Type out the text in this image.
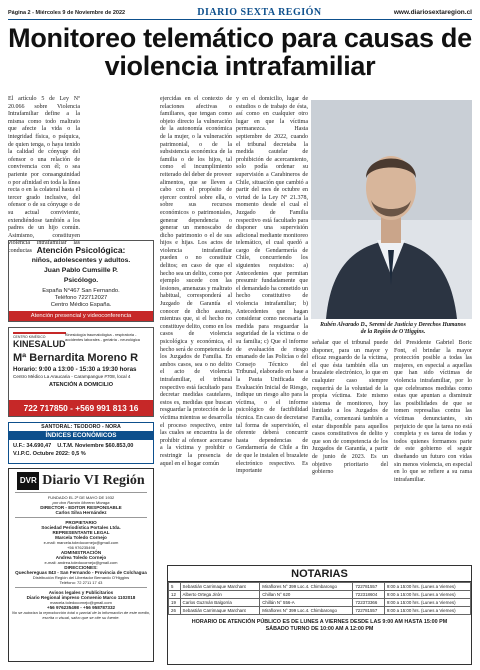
Página 2 - Miércoles 9 de Noviembre de 2022	DIARIO SEXTA REGIÓN	www.diariosextaregion.cl
Monitoreo telemático para causas de violencia intrafamiliar
El artículo 5 de Ley Nº 20.066 sobre Violencia Intrafamiliar define a la misma como todo maltrato que afecte la vida o la integridad física, o psíquica, de quien tenga, o haya tenido la calidad de cónyuge del ofensor o una relación de convivencia con él; o sea pariente por consanguinidad o por afinidad en toda la línea recta o en la colateral hasta el tercer grado inclusive, del ofensor o de su cónyuge o de su actual conviviente, extendiéndose también a los padres de un hijo común. Asimismo, constituyen violencia intrafamiliar las conductas
ejercidas en el contexto de relaciones afectivas o familiares, que tengan como objeto directo la vulneración de la autonomía económica de la mujer, o la vulneración patrimonial, o de la subsistencia económica de la familia o de los hijos, tal como el incumplimiento reiterado del deber de proveer alimentos, que se lleven a cabo con el propósito de ejercer control sobre ella, o sobre sus recursos económicos o patrimoniales, generar dependencia o generar un menoscabo de dicho patrimonio o el de sus hijos e hijas. Los actos de violencia intrafamiliar pueden o no constituir delitos; en caso de que el hecho sea un delito, como por ejemplo sucede con las lesiones, amenazas y maltrato habitual, corresponderá al Juzgado de Garantía el conocer de dicho asunto, mientras que, si el hecho no constituye delito, como en los casos de violencia psicológica y económica, el hecho será de competencia de los Juzgados de Familia. En ambos casos, sea o no delito el acto de violencia intrafamiliar, el tribunal respectivo está facultado para decretar medidas cautelares, estos es, medidas que buscan resguardar la protección de la víctima mientras se desarrolla el proceso respectivo, entre las cuales se encuentra la de prohibir al ofensor acercarse a la víctima y prohibir o restringir la presencia de aquel en el hogar común
y en el domicilio, lugar de estudios o de trabajo de ésta, así como en cualquier otro lugar en que la víctima permanezca. Hasta septiembre de 2022, cuando el tribunal decretaba la medida cautelar de prohibición de acercamiento, solo podía ordenar su supervisión a Carabineros de Chile, situación que cambió a partir del mes de octubre en virtud de la Ley Nº 21.378, momento desde el cual el Juzgado de Familia respectivo está facultado para disponer una supervisión adicional mediante monitoreo telemático, el cual quedó a cargo de Gendarmería de Chile, concurriendo los siguientes requisitos: a) Antecedentes que permitan presumir fundadamente que el demandado ha cometido un hecho constitutivo de violencia intrafamiliar; b) Antecedentes que hagan considerar como necesaria la medida para resguardar la seguridad de la víctima o de su familia; c) Que el informe de evaluación de riesgo emanado de las Policías o del Consejo Técnico del Tribunal, elaborado en base a la Pauta Unificada de Evaluación Inicial de Riesgo, indique un riesgo alto para la víctima, o el informe psicológico de factibilidad técnica. En caso de decretarse tal forma de supervisión, el oferente deberá concurrir hasta dependencias de Gendarmería de Chile a fin de que le instalen el brazalete electrónico respectivo. Es importante
señalar que el tribunal puede disponer, para un mayor y eficaz resguardo de la víctima, el que ésta también ella un brazalete electrónico, lo que en cualquier caso siempre requerirá de la voluntad de la propia víctima. Este mismo sistema de monitoreo, hoy limitado a los Juzgados de Familia, comenzará también a estar disponible para aquellos casos constitutivos de delito y que son de competencia de los Juzgados de Garantía, a partir de junio de 2023. Es un objetivo prioritario del gobierno
del Presidente Gabriel Boric Font, el brindar la mayor protección posible a todas las mujeres, en especial a aquellas que han sido víctimas de violencia intrafamiliar, por lo que celebramos medidas como estas que apuntan a disminuir las posibilidades de que se tomen represalias contra las víctimas denunciantes, sin perjuicio de que la tarea no está completa y es tarea de todas y todos quienes formamos parte de este gobierno el seguir diseñando un futuro con vidas sin menos violencia, en especial en lo que se refiere a su rama intrafamiliar.
Rubén Alvarado D., Seremi de Justicia y Derechos Humanos de la Región de O'Higgins.
Atención Psicológica:
niños, adolescentes y adultos.
Juan Pablo Cumsille P.
Psicólogo.
España N°467 San Fernando.
Teléfono 722712027
Centro Médico España.
Atención presencial y videoconferencia
CENTRO KINÉSICO
KINESALUD
Kinesiología traumatológica - respiratoria - accidentes laborales - geriatría - neurológica
Mª Bernardita Moreno R
Horario: 9:00 a 13:00 - 15:30 a 19:30 horas
Centro Médico La Araucaria - Carampangue #708, local 4
ATENCIÓN A DOMICILIO
722 717850 - +569 991 813 16
SANTORAL: TEODORO - NORA
ÍNDICES ECONÓMICOS
U.F.: 34.690,47 U.T.M. Noviembre $60.853,00
V.I.P.C. Octubre 2022: 0,5 %
DVR Diario VI Región
FUNDADO EL 2º DE MAYO DE 1932
por don Ramón Moreno Moraga
DIRECTOR - EDITOR RESPONSABLE
Carlos Silva Hernández
PROPIETARIO
Sociedad Periodística Portales Ltda.
REPRESENTANTE LEGAL
Marcela Toledo Cornejo
e-mail: marcela.toledocornejo@gmail.com
+56 976235498
ADMINISTRACIÓN
Andrea Toledo Cornejo
e-mail: andrea.toledocornejo@gmail.com
DIRECCIONES:
Quechereguas 843 - San Fernando - Provincia de Colchagua
Distribución Región del Libertador Bernardo O'Higgins
Teléfono: 72 2711 17 43
Avisos legales y Publicitarios
Diario Regional impreso Convenio Marco 1102018
marcela.toledocornejo@gmail.com
+56 976235498 - +56 958787332
No se autoriza la reproducción total o parcial de la información de este medio, escrita o visual, salvo que se cite su fuente.
NOTARIAS
5	Sebastián Carrimaque Marchant	Miraflores N° 399 Loc.4. Chimbarongo	722781557	9:00 a 15:00 hrs. (Lunes a Viernes)
12	Alberto Ortega Jirón	Chillan N° 620	722318604	9:00 a 15:00 hrs. (Lunes a Viernes)
19	Carlos Guzmán Balgorria	Chillán N° 556-A	722373366	9:00 a 15:00 hrs. (Lunes a Viernes)
26	Sebastián Carrimaque Marchant	Miraflores N° 399 Loc.4. Chimbarongo	722781557	9:00 a 15:00 hrs. (Lunes a Viernes)
HORARIO DE ATENCIÓN PÚBLICO ES DE LUNES A VIERNES DESDE LAS 9:00 AM HASTA 15:00 PM
SÁBADO TURNO DE 10:00 AM A 12:00 PM
